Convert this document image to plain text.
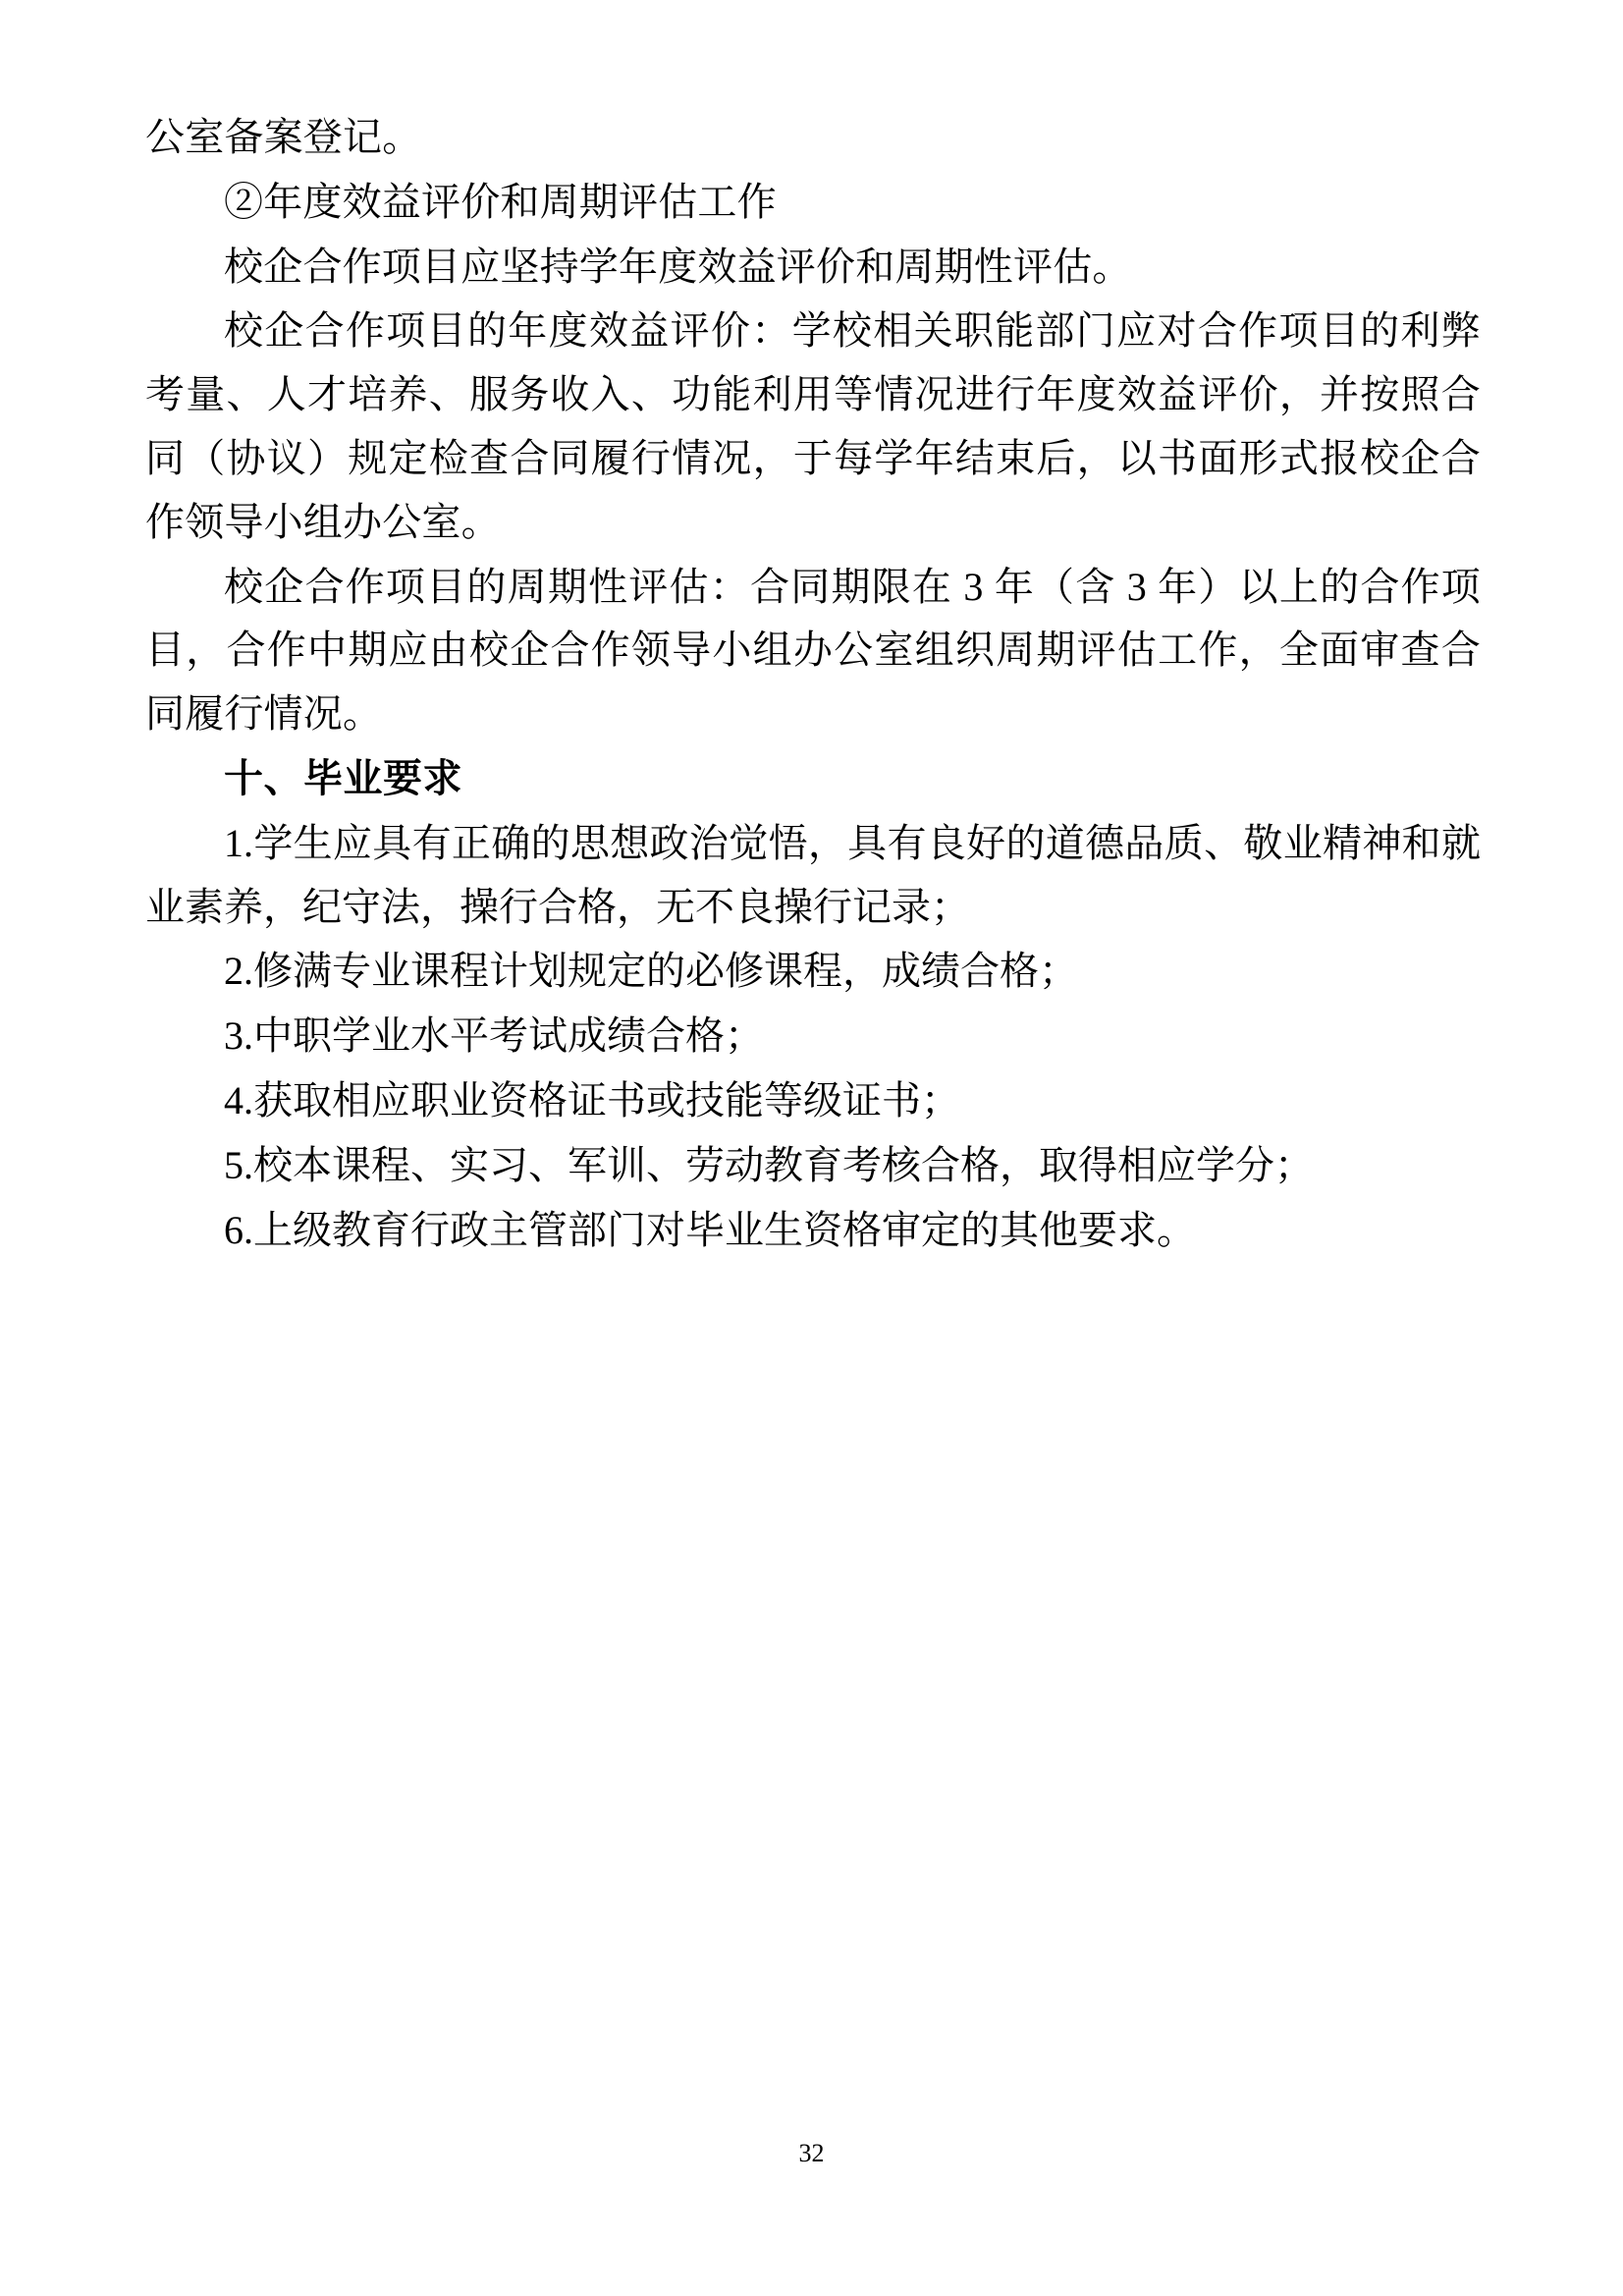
公室备案登记。

②年度效益评价和周期评估工作

校企合作项目应坚持学年度效益评价和周期性评估。

校企合作项目的年度效益评价：学校相关职能部门应对合作项目的利弊考量、人才培养、服务收入、功能利用等情况进行年度效益评价，并按照合同（协议）规定检查合同履行情况，于每学年结束后，以书面形式报校企合作领导小组办公室。

校企合作项目的周期性评估：合同期限在 3 年（含 3 年）以上的合作项目，合作中期应由校企合作领导小组办公室组织周期评估工作，全面审查合同履行情况。

十、毕业要求

1.学生应具有正确的思想政治觉悟，具有良好的道德品质、敬业精神和就业素养，纪守法，操行合格，无不良操行记录；

2.修满专业课程计划规定的必修课程，成绩合格；

3.中职学业水平考试成绩合格；

4.获取相应职业资格证书或技能等级证书；

5.校本课程、实习、军训、劳动教育考核合格，取得相应学分；

6.上级教育行政主管部门对毕业生资格审定的其他要求。

32
